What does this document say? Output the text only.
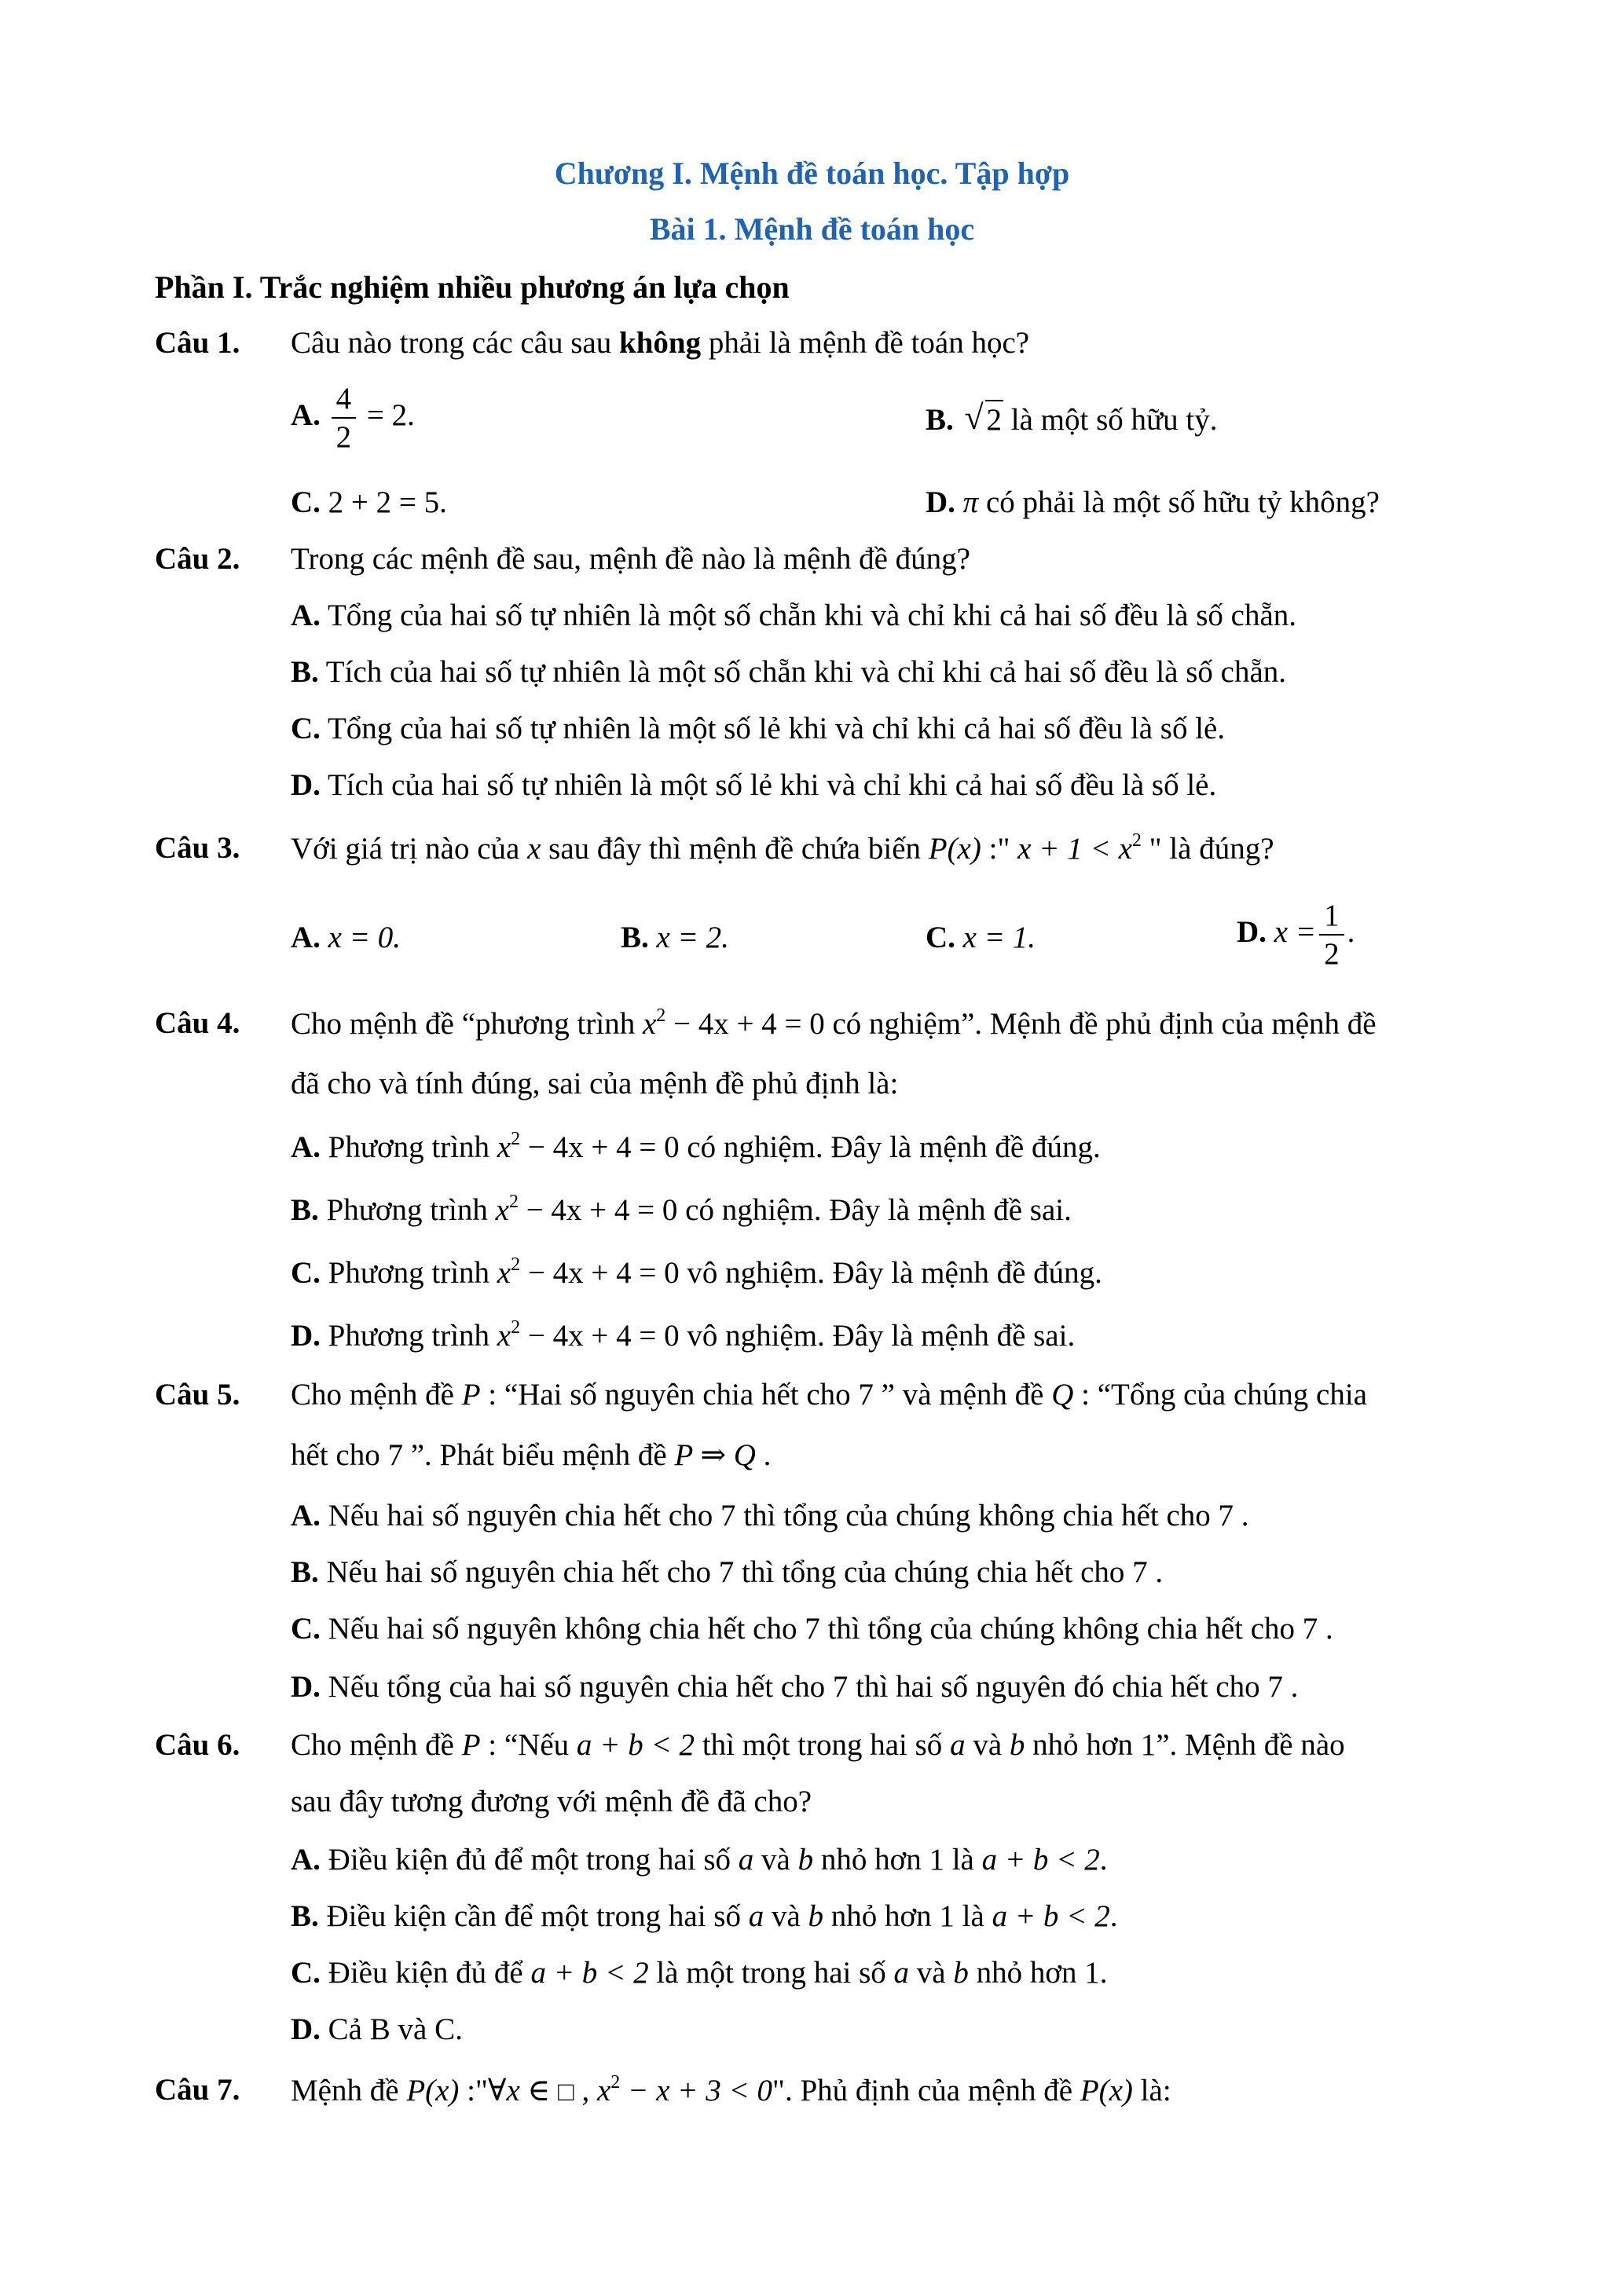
Chương I. Mệnh đề toán học. Tập hợp
Bài 1. Mệnh đề toán học
Phần I. Trắc nghiệm nhiều phương án lựa chọn
Câu 1. Câu nào trong các câu sau không phải là mệnh đề toán học?
A. $\frac{4}{2} = 2$.	B. √ 2 là một số hữu tỷ.
C. 2 + 2 = 5.	D. π có phải là một số hữu tỷ không?
Câu 2. Trong các mệnh đề sau, mệnh đề nào là mệnh đề đúng?
A. Tổng của hai số tự nhiên là một số chẵn khi và chỉ khi cả hai số đều là số chẵn.
B. Tích của hai số tự nhiên là một số chẵn khi và chỉ khi cả hai số đều là số chẵn.
C. Tổng của hai số tự nhiên là một số lẻ khi và chỉ khi cả hai số đều là số lẻ.
D. Tích của hai số tự nhiên là một số lẻ khi và chỉ khi cả hai số đều là số lẻ.
Câu 3. Với giá trị nào của x sau đây thì mệnh đề chứa biến P(x) :" $x + 1 < x^2$ " là đúng?
A. x = 0.	B. x = 2.	C. x = 1.	D. $x = \frac{1}{2}$ .
Câu 4. Cho mệnh đề “phương trình $x^2 - 4x + 4 = 0$ có nghiệm”. Mệnh đề phủ định của mệnh đề
đã cho và tính đúng, sai của mệnh đề phủ định là:
A. Phương trình $x^2 - 4x + 4 = 0$ có nghiệm. Đây là mệnh đề đúng.
B. Phương trình $x^2 - 4x + 4 = 0$ có nghiệm. Đây là mệnh đề sai.
C. Phương trình $x^2 - 4x + 4 = 0$ vô nghiệm. Đây là mệnh đề đúng.
D. Phương trình $x^2 - 4x + 4 = 0$ vô nghiệm. Đây là mệnh đề sai.
Câu 5. Cho mệnh đề P : “Hai số nguyên chia hết cho 7 ” và mệnh đề Q : “Tổng của chúng chia
hết cho 7 ”. Phát biểu mệnh đề P ⇒ Q .
A. Nếu hai số nguyên chia hết cho 7 thì tổng của chúng không chia hết cho 7 .
B. Nếu hai số nguyên chia hết cho 7 thì tổng của chúng chia hết cho 7 .
C. Nếu hai số nguyên không chia hết cho 7 thì tổng của chúng không chia hết cho 7 .
D. Nếu tổng của hai số nguyên chia hết cho 7 thì hai số nguyên đó chia hết cho 7 .
Câu 6. Cho mệnh đề P : “Nếu a + b < 2 thì một trong hai số a và b nhỏ hơn 1”. Mệnh đề nào
sau đây tương đương với mệnh đề đã cho?
A. Điều kiện đủ để một trong hai số a và b nhỏ hơn 1 là a + b < 2.
B. Điều kiện cần để một trong hai số a và b nhỏ hơn 1 là a + b < 2.
C. Điều kiện đủ để a + b < 2 là một trong hai số a và b nhỏ hơn 1.
D. Cả B và C.
Câu 7. Mệnh đề P(x) :"∀x ∈ □ , $x^2 - x + 3 < 0$". Phủ định của mệnh đề P(x) là:
